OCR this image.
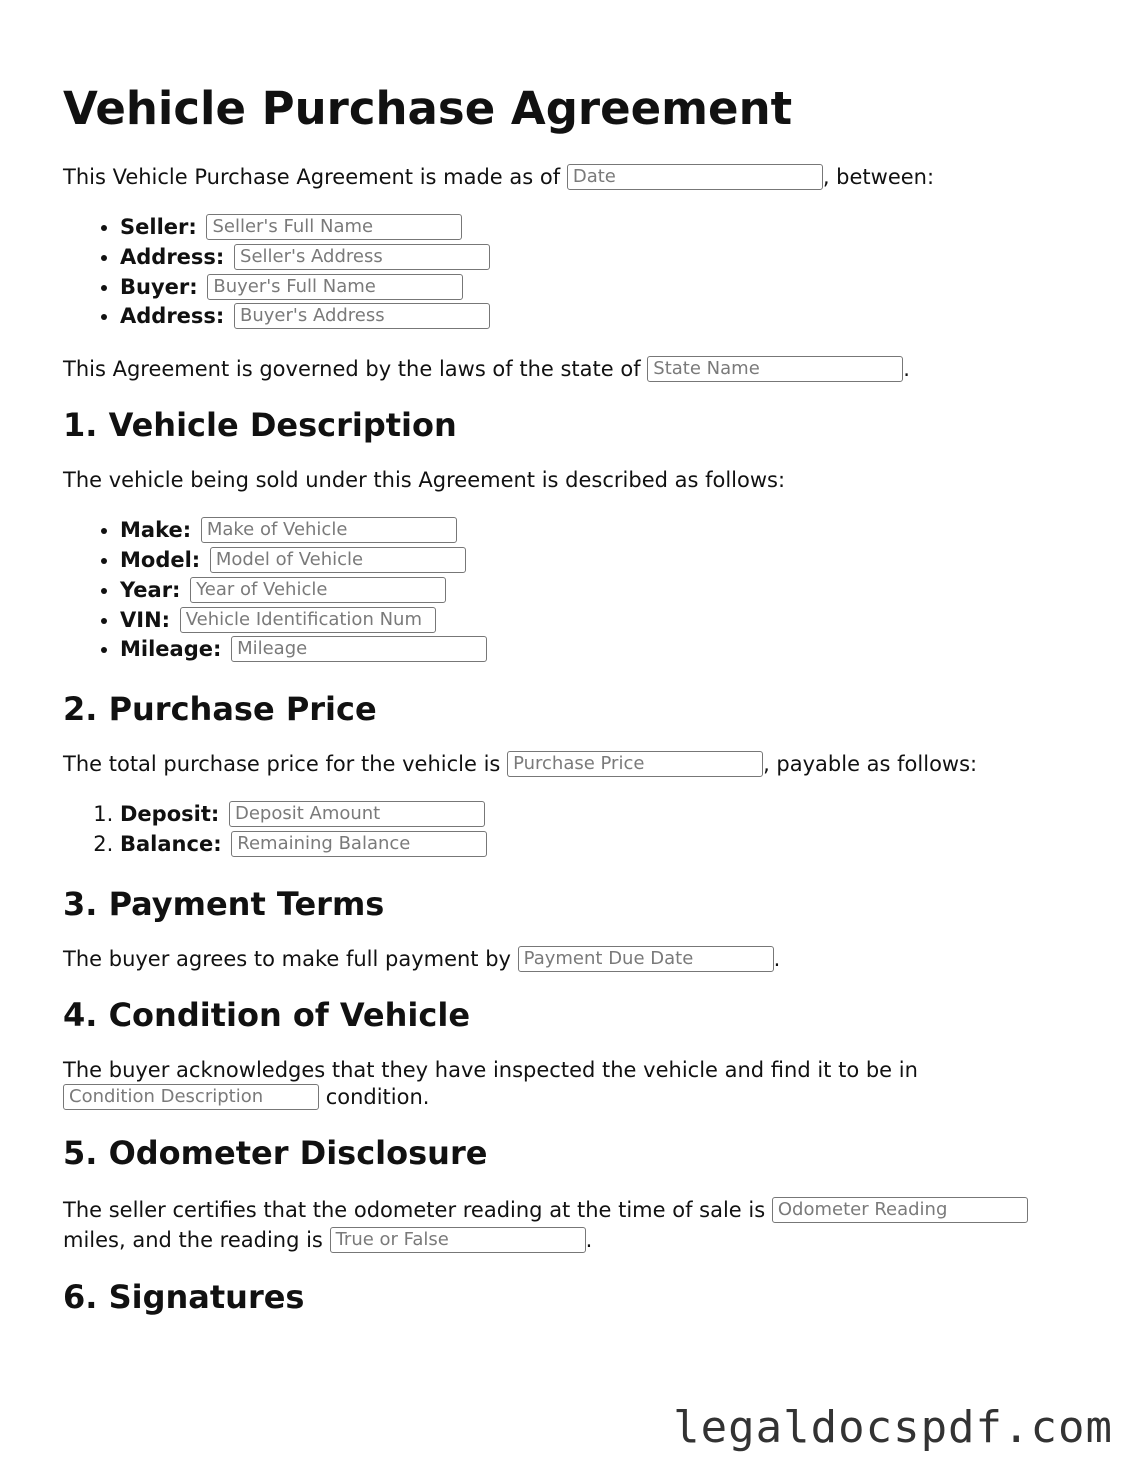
Vehicle Purchase Agreement

This Vehicle Purchase Agreement is made as of Date	, between:

• Seller: Seller's Full Name
• Address: Seller's Address
• Buyer: Buyer's Full Name
• Address: Buyer's Address

This Agreement is governed by the laws of the state of State Name	.

1. Vehicle Description

The vehicle being sold under this Agreement is described as follows:

• Make: Make of Vehicle
• Model: Model of Vehicle
• Year: Year of Vehicle
• VIN: Vehicle Identification Num
• Mileage: Mileage
2. Purchase Price

The total purchase price for the vehicle is Purchase Price	, payable as follows:

1. Deposit: Deposit Amount
2. Balance: Remaining Balance
3. Payment Terms

The buyer agrees to make full payment by Payment Due Date	.

4. Condition of Vehicle

The buyer acknowledges that they have inspected the vehicle and find it to be in
Condition Description	condition.

5. Odometer Disclosure

The seller certifies that the odometer reading at the time of sale is Odometer Reading
miles, and the reading is True or False	.

6. Signatures
legaldocspdf.com
